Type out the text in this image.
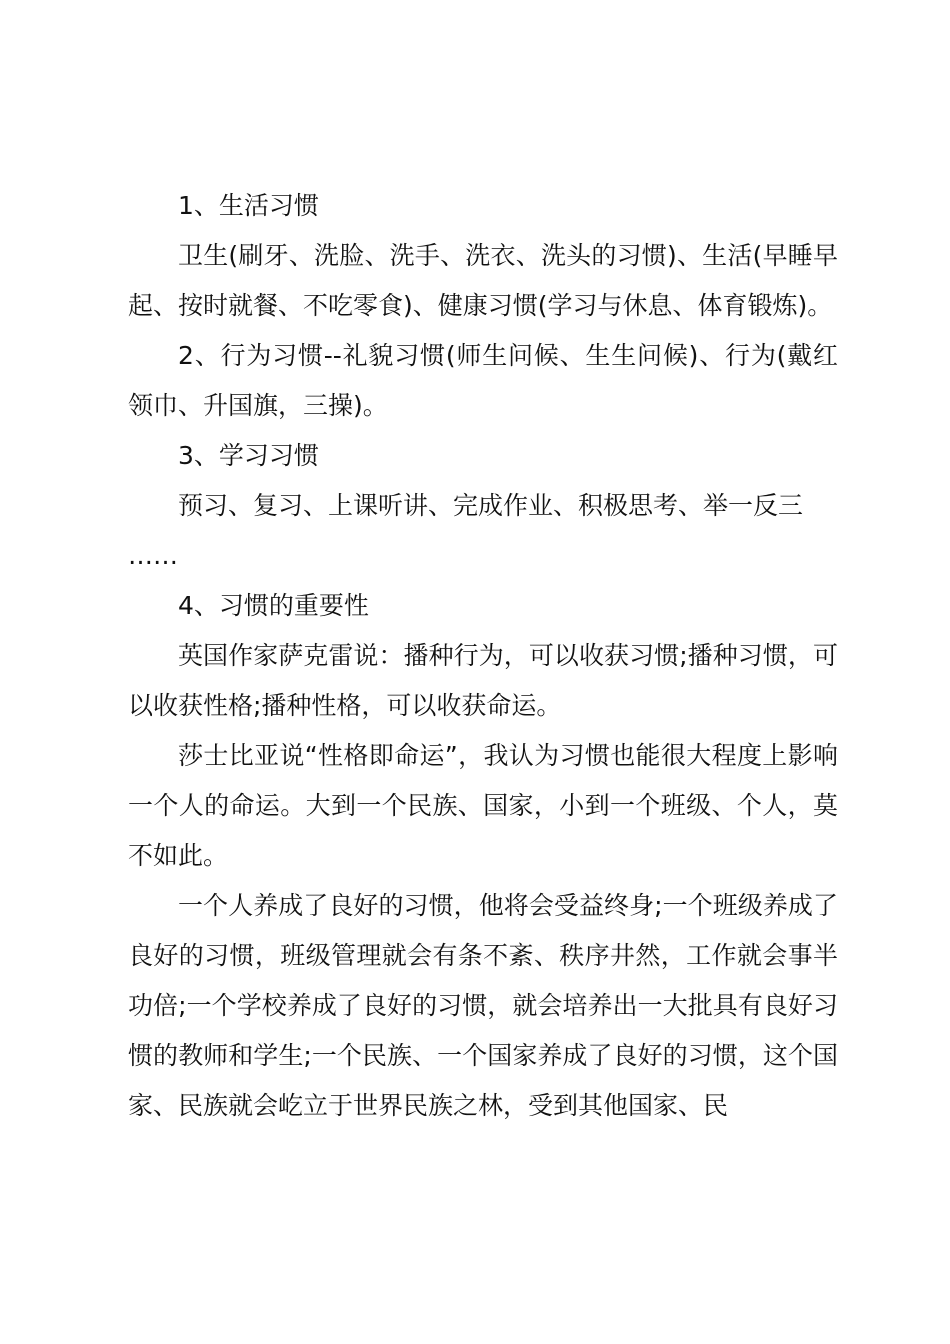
1、生活习惯

卫生(刷牙、洗脸、洗手、洗衣、洗头的习惯)、生活(早睡早起、按时就餐、不吃零食)、健康习惯(学习与休息、体育锻炼)。

2、行为习惯--礼貌习惯(师生问候、生生问候)、行为(戴红领巾、升国旗，三操)。

3、学习习惯

预习、复习、上课听讲、完成作业、积极思考、举一反三

……

4、习惯的重要性

英国作家萨克雷说：播种行为，可以收获习惯;播种习惯，可以收获性格;播种性格，可以收获命运。

莎士比亚说“性格即命运”，我认为习惯也能很大程度上影响一个人的命运。大到一个民族、国家，小到一个班级、个人，莫不如此。

一个人养成了良好的习惯，他将会受益终身;一个班级养成了良好的习惯，班级管理就会有条不紊、秩序井然，工作就会事半功倍;一个学校养成了良好的习惯，就会培养出一大批具有良好习惯的教师和学生;一个民族、一个国家养成了良好的习惯，这个国家、民族就会屹立于世界民族之林，受到其他国家、民
